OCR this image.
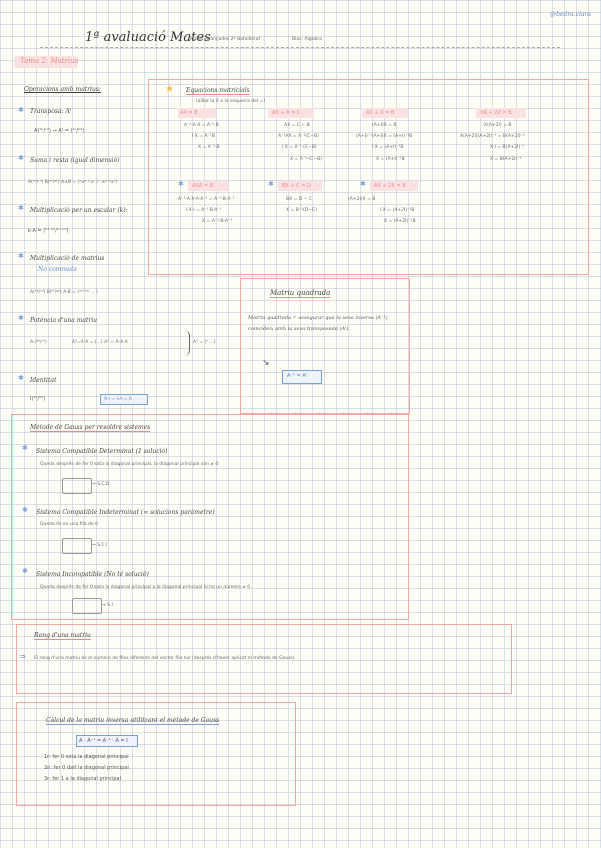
@bedra.clara
1ª avaluació Mates
Mates Avançades 2º Batxillerat	Bloc: Àlgebra
Tema 2: Matrius
Operacions amb matrius:
✱ Transposa: Aᵗ
A(ᵃᵇ/ᶜᵈ) ⇒ Aᵗ = (ᵃᶜ/ᵇᵈ)
✱ Suma i resta (igual dimensió)
A(ᵃᵇ/ᶜᵈ) B(ᵉᶠ/ᵍʰ) A±B = (ᵃ±ᵉ ᵇ±ᶠ / ᶜ±ᵍ ᵈ±ʰ)
✱ Multiplicació per un escalar (k):
k·A = (ᵏᵃ ᵏᵇ/ᵏᶜ ᵏᵈ)
✱ Multiplicació de matrius
No commuta
A(ᵃᵇ/ᶜᵈ) B(ᵉᶠ/ᵍʰ) A·B = (ᵃᵉ⁺ᵇᵍ ... )
✱ Potència d'una matriu
A·(ᵃᵇ/ᶜᵈ)	A²=A·A = (...) A³ = A·A·A	Aⁿ = (ⁿ ...)
✱ Identitat
I(¹⁰/⁰¹)	A·I = I·A = A
★ Equacions matricials
(aïllar la X a la esquerra del =)
AX = B
A⁻¹·A·X = A⁻¹·B
I·X = A⁻¹B
X = A⁻¹·B
AX + B = C
AX = C − B
A⁻¹AX = A⁻¹(C−B)
I·X = A⁻¹·(C−B)
X = A⁻¹·(C−B)
AX + X = B
(A+I)X = B
(A+I)⁻¹(A+I)X = (A+I)⁻¹B
I·X = (A+I)⁻¹B
X = (A+I)⁻¹B
XA + 2X = B
X(A+2I) = B
X(A+2I)(A+2I)⁻¹ = B(A+2I)⁻¹
X·I = B(A+2I)⁻¹
X = B(A+2I)⁻¹
✱ AXA = B
A⁻¹·A·X·A·A⁻¹ = A⁻¹·B·A⁻¹
I·X·I = A⁻¹·B·A⁻¹
X = A⁻¹·B·A⁻¹
✱ BX + C = D
BX = D − C
X = B⁻¹(D−C)
✱ AX + 2X = B
(A+2I)X = B
I·X = (A+2I)⁻¹B
X = (A+2I)⁻¹B
Matriu quadrada
Matriu quadrada = assegurar que la seva inversa (A⁻¹) coincideix amb la seva transposada (Aᵗ).
↘
A⁻¹ = Aᵗ
Mètode de Gauss per resoldre sistemes
✱ Sistema Compatible Determinat (1 solució)
Queda després de fer 0 sota la diagonal principal, la diagonal principal són ≠ 0
⇒ S.C.D
✱ Sistema Compatible Indeterminat (∞ solucions paràmetre)
Queda 0s en una fila de 0
⇒ S.C.I
✱ Sistema Incompatible (No té solució)
Queda després de fer 0 sota la diagonal principal a la diagonal principal hi ha un número ≠ 0
⇒ S.I
Rang d'una matriu
⇒ El rang d'una matriu és el número de files diferents del vector fila nul (després d'haver aplicat el mètode de Gauss)
Càlcul de la matriu inversa utilitzant el mètode de Gauss
A · A⁻¹ = A⁻¹ · A = I
1r: fer 0 sota la diagonal principal
2n: fer 0 dalt la diagonal principal
3r: fer 1 a la diagonal principal
